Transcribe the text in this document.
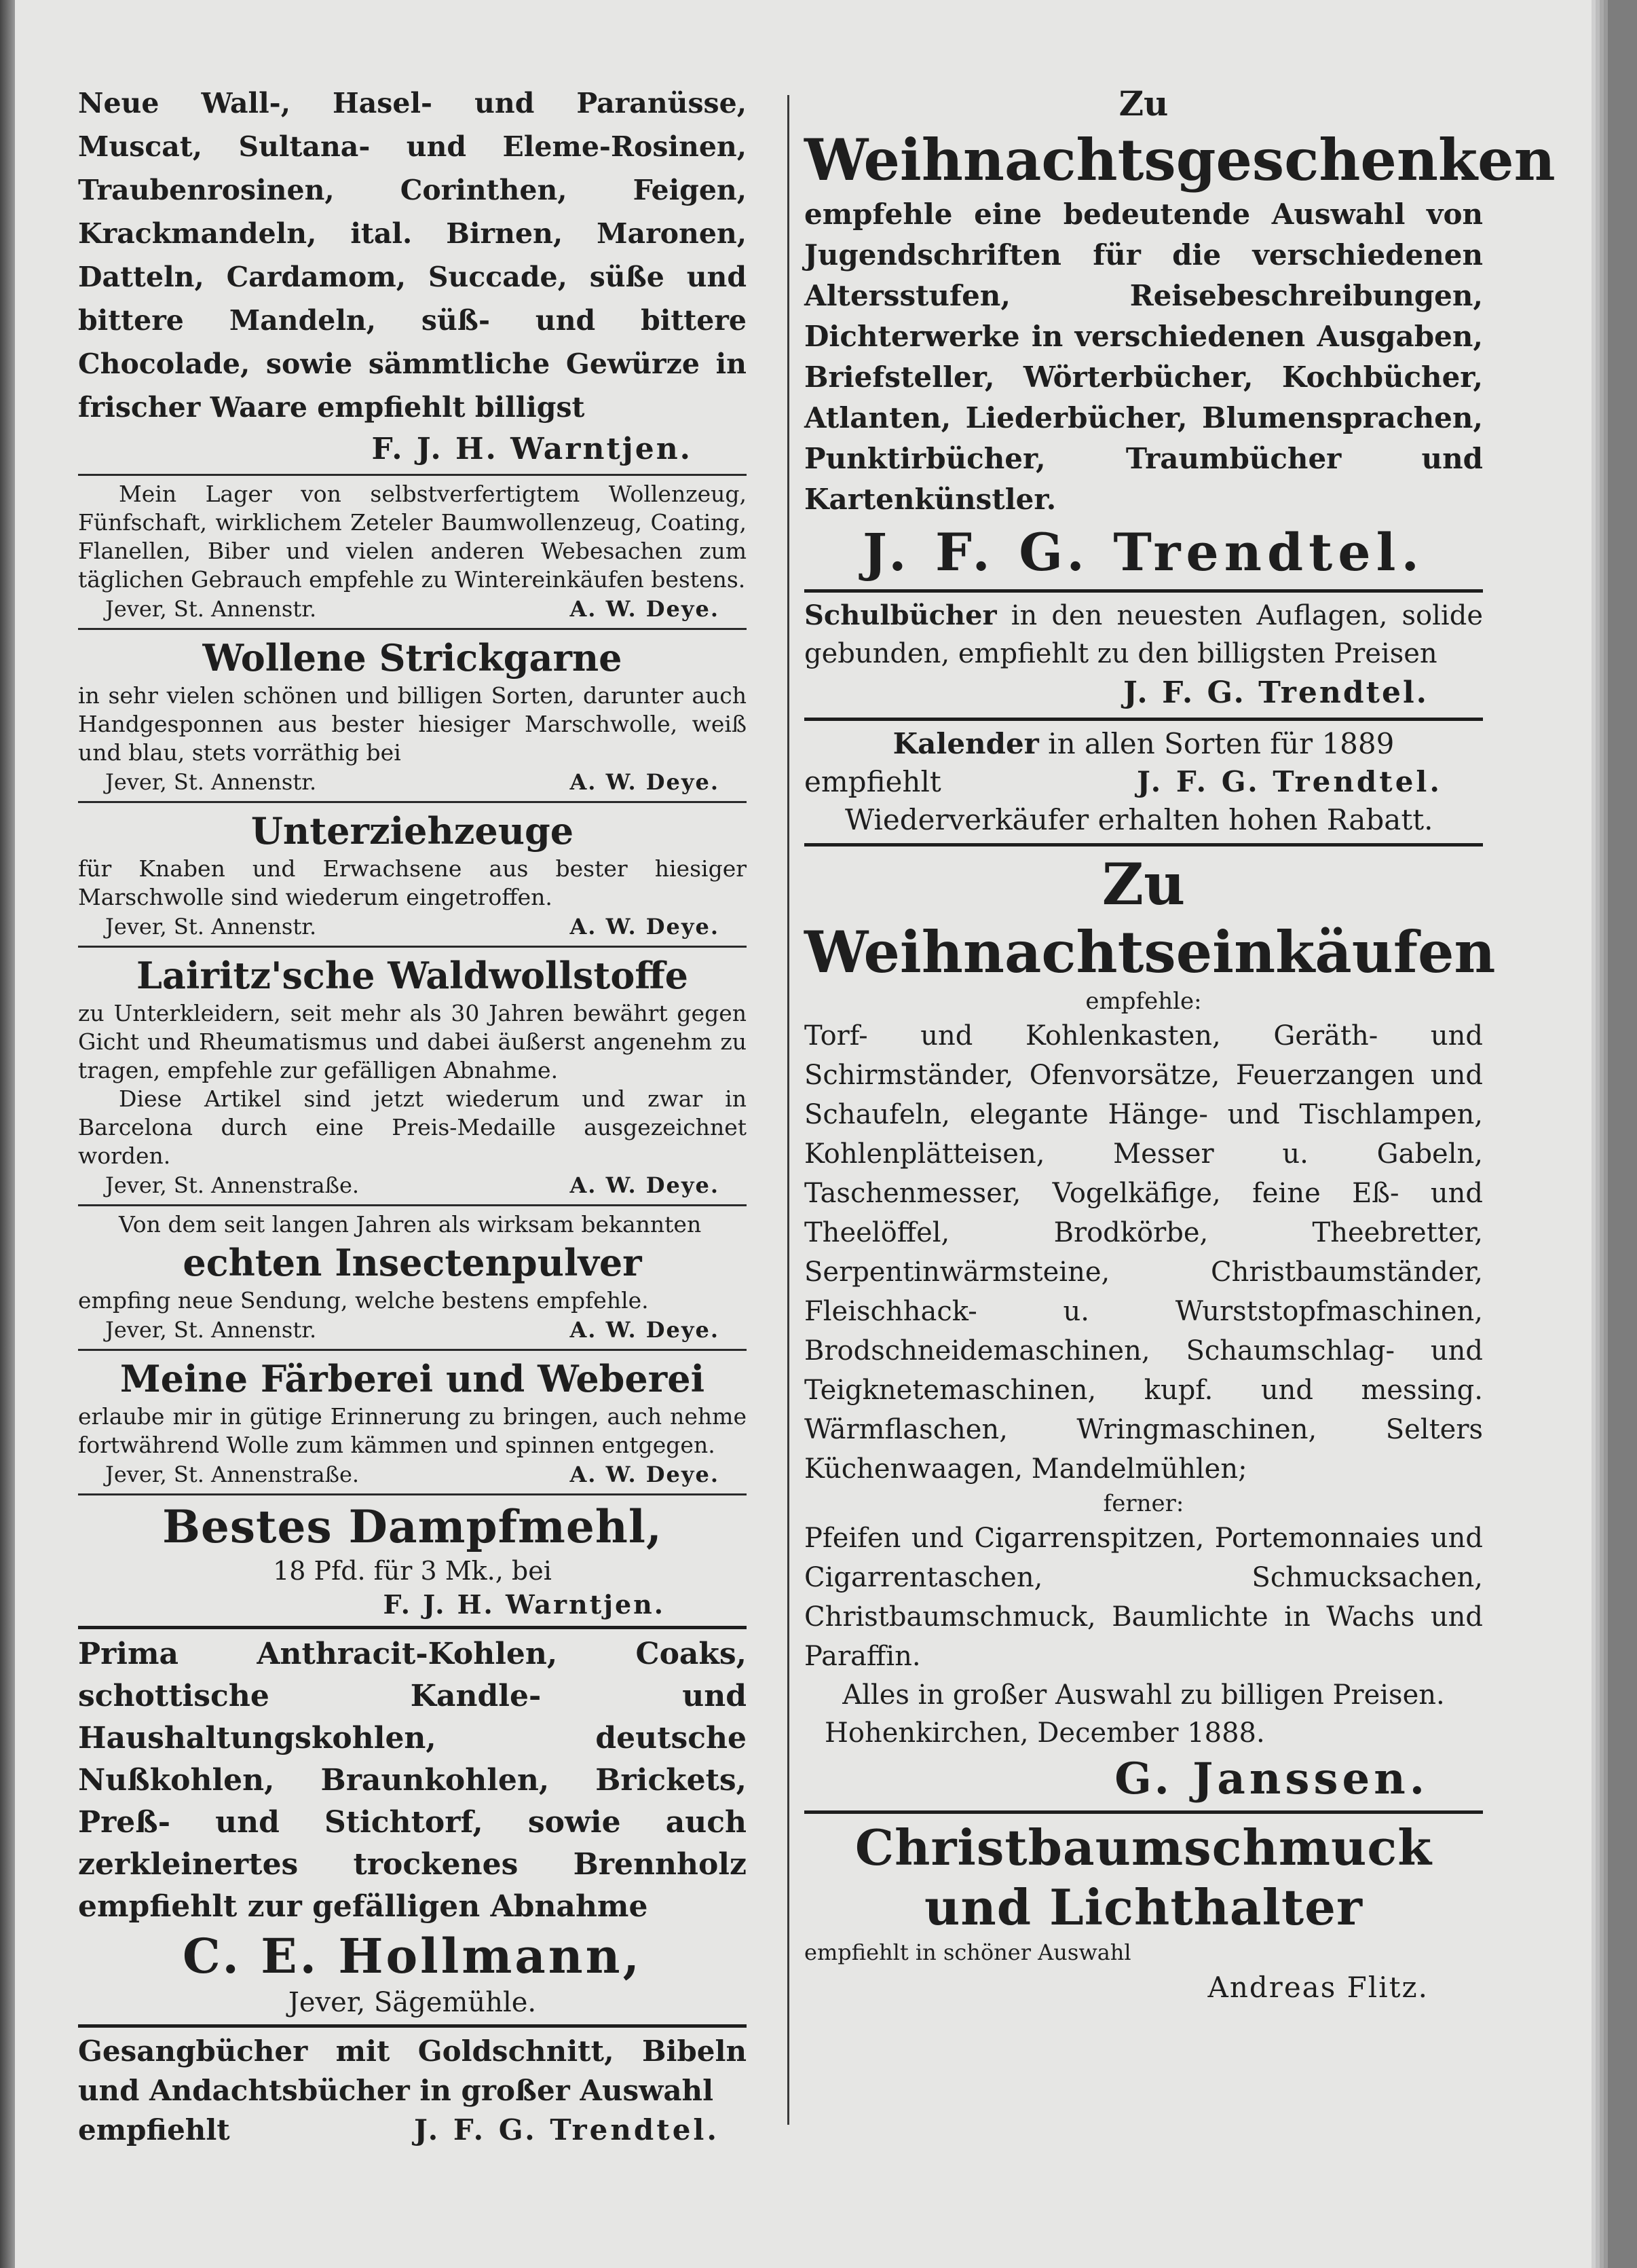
Neue Wall-, Hasel- und Paranüsse, Muscat, Sultana- und Eleme-Rosinen, Traubenrosinen, Corinthen, Feigen, Krackmandeln, ital. Birnen, Maronen, Datteln, Cardamom, Succade, süße und bittere Mandeln, süß- und bittere Chocolade, sowie sämmtliche Gewürze in frischer Waare empfiehlt billigst
F. J. H. Warntjen.
Mein Lager von selbstverfertigtem Wollenzeug, Fünfschaft, wirklichem Zeteler Baumwollenzeug, Coating, Flanellen, Biber und vielen anderen Webesachen zum täglichen Gebrauch empfehle zu Wintereinkäufen bestens.
Jever, St. Annenstr.	A. W. Deye.
Wollene Strickgarne
in sehr vielen schönen und billigen Sorten, darunter auch Handgesponnen aus bester hiesiger Marschwolle, weiß und blau, stets vorräthig bei
Jever, St. Annenstr.	A. W. Deye.
Unterziehzeuge
für Knaben und Erwachsene aus bester hiesiger Marschwolle sind wiederum eingetroffen.
Jever, St. Annenstr.	A. W. Deye.
Lairitz'sche Waldwollstoffe
zu Unterkleidern, seit mehr als 30 Jahren bewährt gegen Gicht und Rheumatismus und dabei äußerst angenehm zu tragen, empfehle zur gefälligen Abnahme.
Diese Artikel sind jetzt wiederum und zwar in Barcelona durch eine Preis-Medaille ausgezeichnet worden.
Jever, St. Annenstraße.	A. W. Deye.
Von dem seit langen Jahren als wirksam bekannten
echten Insectenpulver
empfing neue Sendung, welche bestens empfehle.
Jever, St. Annenstr.	A. W. Deye.
Meine Färberei und Weberei
erlaube mir in gütige Erinnerung zu bringen, auch nehme fortwährend Wolle zum kämmen und spinnen entgegen.
Jever, St. Annenstraße.	A. W. Deye.
Bestes Dampfmehl,
18 Pfd. für 3 Mk., bei
F. J. H. Warntjen.
Prima Anthracit-Kohlen, Coaks, schottische Kandle- und Haushaltungskohlen, deutsche Nußkohlen, Braunkohlen, Brickets, Preß- und Stichtorf, sowie auch zerkleinertes trockenes Brennholz empfiehlt zur gefälligen Abnahme
C. E. Hollmann,
Jever, Sägemühle.
Gesangbücher mit Goldschnitt, Bibeln und Andachtsbücher in großer Auswahl
empfiehlt	J. F. G. Trendtel.
Zu
Weihnachtsgeschenken
empfehle eine bedeutende Auswahl von Jugendschriften für die verschiedenen Altersstufen, Reisebeschreibungen, Dichterwerke in verschiedenen Ausgaben, Briefsteller, Wörterbücher, Kochbücher, Atlanten, Liederbücher, Blumensprachen, Punktirbücher, Traumbücher und Kartenkünstler.
J. F. G. Trendtel.
Schulbücher in den neuesten Auflagen, solide gebunden, empfiehlt zu den billigsten Preisen
J. F. G. Trendtel.
Kalender in allen Sorten für 1889
empfiehlt	J. F. G. Trendtel.
Wiederverkäufer erhalten hohen Rabatt.
Zu Weihnachtseinkäufen
empfehle:
Torf- und Kohlenkasten, Geräth- und Schirmständer, Ofenvorsätze, Feuerzangen und Schaufeln, elegante Hänge- und Tischlampen, Kohlenplätteisen, Messer u. Gabeln, Taschenmesser, Vogelkäfige, feine Eß- und Theelöffel, Brodkörbe, Theebretter, Serpentinwärmsteine, Christbaumständer, Fleischhack- u. Wurststopfmaschinen, Brodschneidemaschinen, Schaumschlag- und Teigknetemaschinen, kupf. und messing. Wärmflaschen, Wringmaschinen, Selters Küchenwaagen, Mandelmühlen;
ferner:
Pfeifen und Cigarrenspitzen, Portemonnaies und Cigarrentaschen, Schmucksachen, Christbaumschmuck, Baumlichte in Wachs und Paraffin.
Alles in großer Auswahl zu billigen Preisen.
Hohenkirchen, December 1888.
G. Janssen.
Christbaumschmuck und Lichthalter
empfiehlt in schöner Auswahl
Andreas Flitz.
